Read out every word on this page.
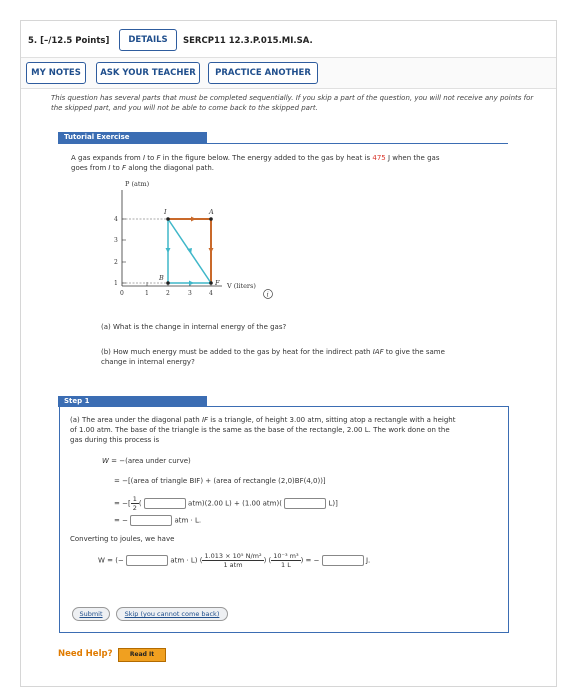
5. [–/12.5 Points]	DETAILS	SERCP11 12.3.P.015.MI.SA.
MY NOTES	ASK YOUR TEACHER	PRACTICE ANOTHER
This question has several parts that must be completed sequentially. If you skip a part of the question, you will not receive any points for the skipped part, and you will not be able to come back to the skipped part.
Tutorial Exercise
A gas expands from I to F in the figure below. The energy added to the gas by heat is 475 J when the gas
goes from I to F along the diagonal path.
P (atm)
V (liters)
0	1	2	3	4
1
2
3
4
I	A
B
F
i
(a) What is the change in internal energy of the gas?
(b) How much energy must be added to the gas by heat for the indirect path IAF to give the same
change in internal energy?
Step 1
(a) The area under the diagonal path IF is a triangle, of height 3.00 atm, sitting atop a rectangle with a height
of 1.00 atm. The base of the triangle is the same as the base of the rectangle, 2.00 L. The work done on the
gas during this process is
W = −(area under curve)
= −[(area of triangle BIF) + (area of rectangle (2,0)BF(4,0))]
= −[ $\frac{1}{2}$ (	atm)(2.00 L) + (1.00 atm)(	L)]
= −	atm · L.
Converting to joules, we have
W = (−	atm · L) ( $\frac{\text{1.013 × 10⁵ N/m²}}{\text{1 atm}}$ ) ( $\frac{\text{10⁻³ m³}}{1 L}$ ) = −	J.
Submit	Skip (you cannot come back)
Need Help?	Read It
